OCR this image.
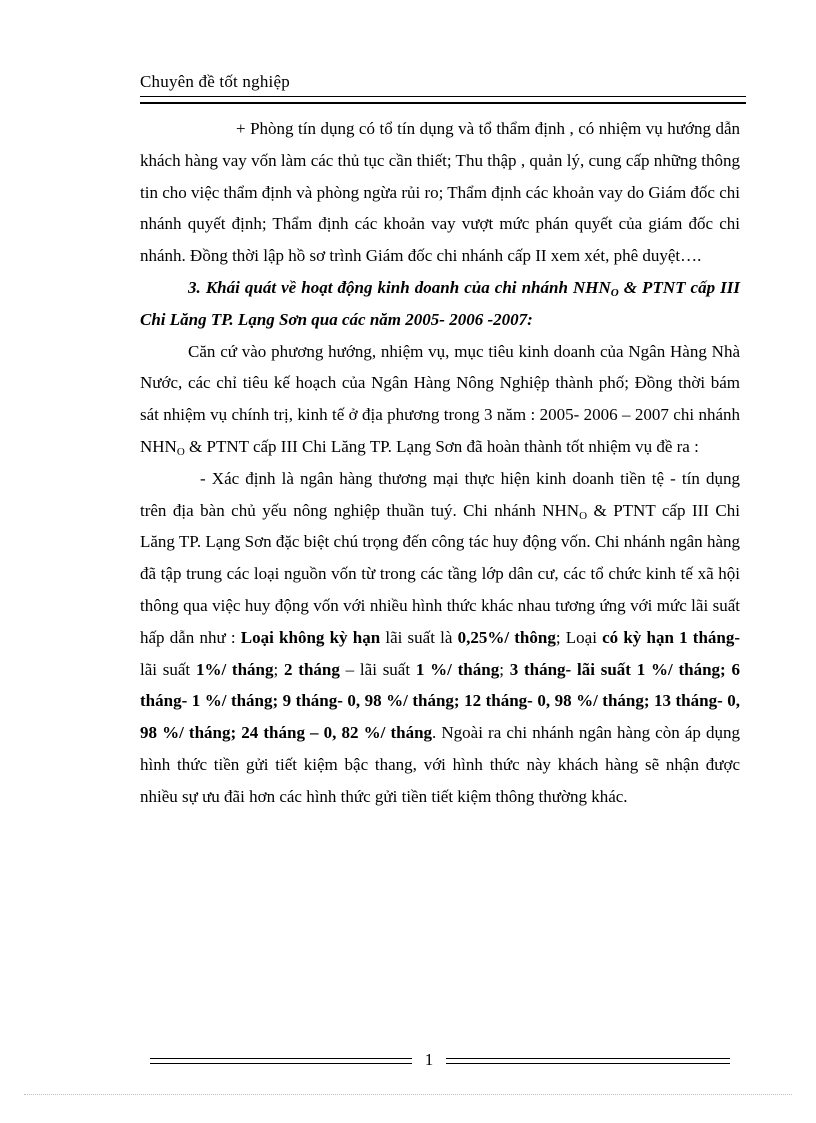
Chuyên đề tốt nghiệp

+ Phòng tín dụng có tổ tín dụng và tổ thẩm định , có nhiệm vụ hướng dẫn khách hàng vay vốn làm các thủ tục cần thiết; Thu thập , quản lý, cung cấp những thông tin cho việc thẩm định và phòng ngừa rủi ro; Thẩm định các khoản vay do Giám đốc chi nhánh quyết định; Thẩm định các khoản vay vượt mức phán quyết của giám đốc chi nhánh. Đồng thời lập hồ sơ trình Giám đốc chi nhánh cấp II xem xét, phê duyệt….

3. Khái quát về hoạt động kinh doanh của chi nhánh $NHN_O$ & PTNT cấp III Chi Lăng TP. Lạng Sơn qua các năm 2005- 2006 -2007:

Căn cứ vào phương hướng, nhiệm vụ, mục tiêu kinh doanh của Ngân Hàng Nhà Nước, các chỉ tiêu kế hoạch của Ngân Hàng Nông Nghiệp thành phố; Đồng thời bám sát nhiệm vụ chính trị, kinh tế ở địa phương trong 3 năm : 2005- 2006 – 2007 chi nhánh $NHN_O$ & PTNT cấp III Chi Lăng TP. Lạng Sơn đã hoàn thành tốt nhiệm vụ đề ra :

- Xác định là ngân hàng thương mại thực hiện kinh doanh tiền tệ - tín dụng trên địa bàn chủ yếu nông nghiệp thuần tuý. Chi nhánh $NHN_O$ & PTNT cấp III Chi Lăng TP. Lạng Sơn đặc biệt chú trọng đến công tác huy động vốn. Chi nhánh ngân hàng đã tập trung các loại nguồn vốn từ trong các tầng lớp dân cư, các tổ chức kinh tế xã hội thông qua việc huy động vốn với nhiều hình thức khác nhau tương ứng với mức lãi suất hấp dẫn như : Loại không kỳ hạn lãi suất là 0,25%/ thông; Loại có kỳ hạn 1 tháng- lãi suất 1%/ tháng; 2 tháng – lãi suất 1 %/ tháng; 3 tháng- lãi suất 1 %/ tháng; 6 tháng- 1 %/ tháng; 9 tháng- 0, 98 %/ tháng; 12 tháng- 0, 98 %/ tháng; 13 tháng- 0, 98 %/ tháng; 24 tháng – 0, 82 %/ tháng. Ngoài ra chi nhánh ngân hàng còn áp dụng hình thức tiền gửi tiết kiệm bậc thang, với hình thức này khách hàng sẽ nhận được nhiều sự ưu đãi hơn các hình thức gửi tiền tiết kiệm thông thường khác.

1
